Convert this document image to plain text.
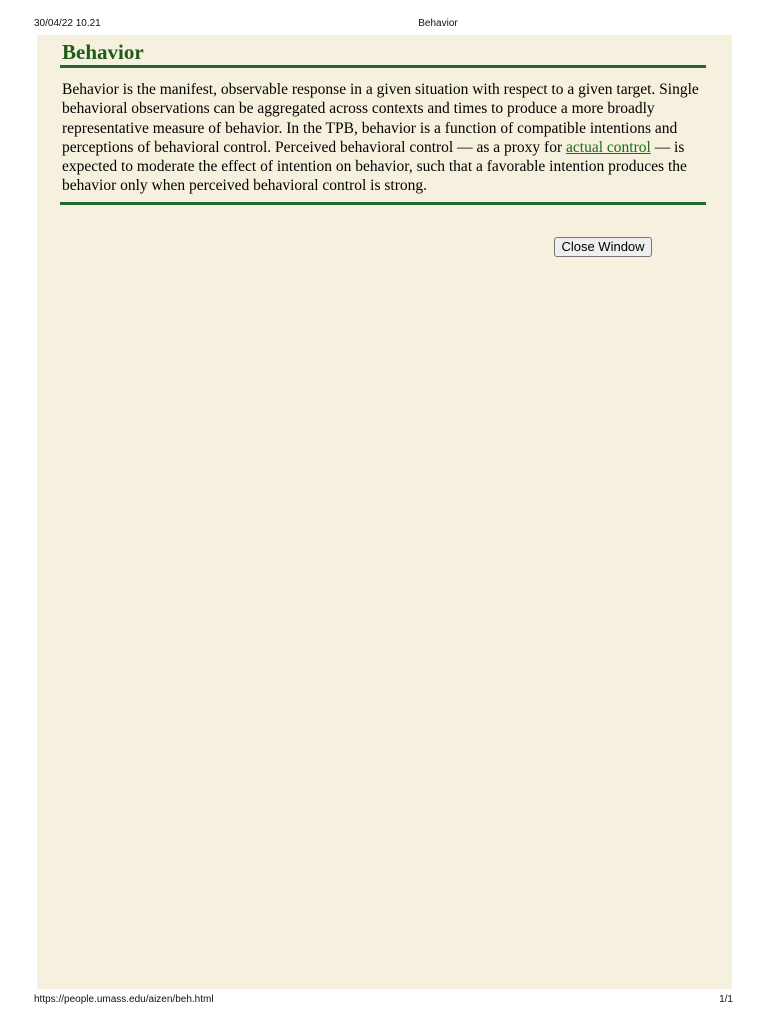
30/04/22 10.21	Behavior
Behavior

Behavior is the manifest, observable response in a given situation with respect to a given target. Single behavioral observations can be aggregated across contexts and times to produce a more broadly representative measure of behavior. In the TPB, behavior is a function of compatible intentions and perceptions of behavioral control. Perceived behavioral control — as a proxy for actual control — is expected to moderate the effect of intention on behavior, such that a favorable intention produces the behavior only when perceived behavioral control is strong.

Close Window
https://people.umass.edu/aizen/beh.html	1/1
